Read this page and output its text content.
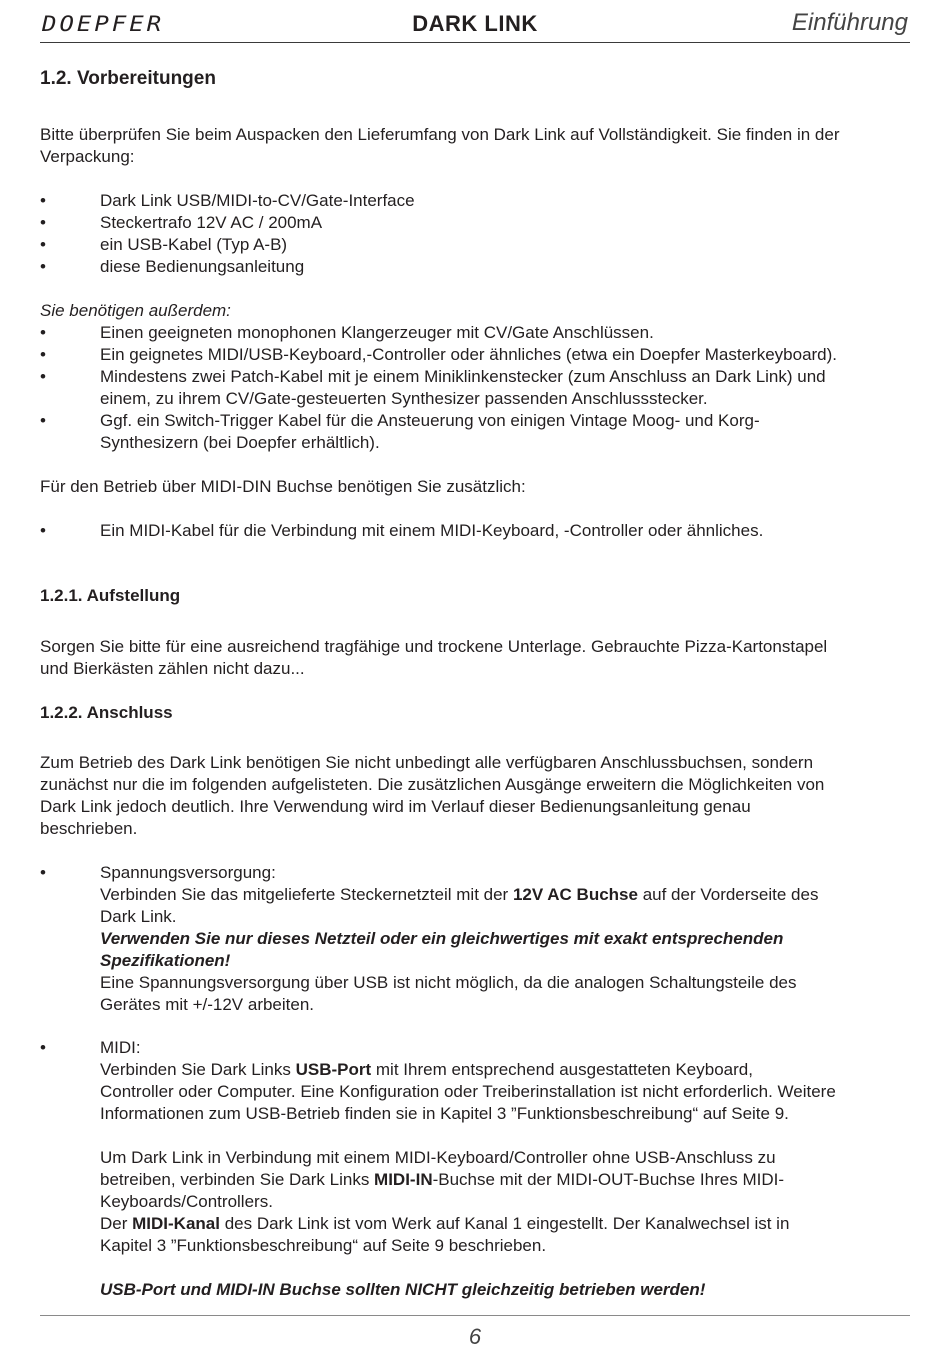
DOEPFER	DARK LINK	Einführung
1.2. Vorbereitungen
Bitte überprüfen Sie beim Auspacken den Lieferumfang von Dark Link auf Vollständigkeit. Sie finden in der
Verpackung:
•	Dark Link USB/MIDI-to-CV/Gate-Interface
•	Steckertrafo 12V AC / 200mA
•	ein USB-Kabel (Typ A-B)
•	diese Bedienungsanleitung
Sie benötigen außerdem:
•	Einen geeigneten monophonen Klangerzeuger mit CV/Gate Anschlüssen.
•	Ein geignetes MIDI/USB-Keyboard,-Controller oder ähnliches (etwa ein Doepfer Masterkeyboard).
•	Mindestens zwei Patch-Kabel mit je einem Miniklinkenstecker (zum Anschluss an Dark Link) und
einem, zu ihrem CV/Gate-gesteuerten Synthesizer passenden Anschlussstecker.
•	Ggf. ein Switch-Trigger Kabel für die Ansteuerung von einigen Vintage Moog- und Korg-
Synthesizern (bei Doepfer erhältlich).
Für den Betrieb über MIDI-DIN Buchse benötigen Sie zusätzlich:
•	Ein MIDI-Kabel für die Verbindung mit einem MIDI-Keyboard, -Controller oder ähnliches.
1.2.1. Aufstellung
Sorgen Sie bitte für eine ausreichend tragfähige und trockene Unterlage. Gebrauchte Pizza-Kartonstapel
und Bierkästen zählen nicht dazu...
1.2.2. Anschluss
Zum Betrieb des Dark Link benötigen Sie nicht unbedingt alle verfügbaren Anschlussbuchsen, sondern
zunächst nur die im folgenden aufgelisteten. Die zusätzlichen Ausgänge erweitern die Möglichkeiten von
Dark Link jedoch deutlich. Ihre Verwendung wird im Verlauf dieser Bedienungsanleitung genau
beschrieben.
•	Spannungsversorgung:
Verbinden Sie das mitgelieferte Steckernetzteil mit der 12V AC Buchse auf der Vorderseite des
Dark Link.
Verwenden Sie nur dieses Netzteil oder ein gleichwertiges mit exakt entsprechenden
Spezifikationen!
Eine Spannungsversorgung über USB ist nicht möglich, da die analogen Schaltungsteile des
Gerätes mit +/-12V arbeiten.
•	MIDI:
Verbinden Sie Dark Links USB-Port mit Ihrem entsprechend ausgestatteten Keyboard,
Controller oder Computer. Eine Konfiguration oder Treiberinstallation ist nicht erforderlich. Weitere
Informationen zum USB-Betrieb finden sie in Kapitel 3 ”Funktionsbeschreibung“ auf Seite 9.
Um Dark Link in Verbindung mit einem MIDI-Keyboard/Controller ohne USB-Anschluss zu
betreiben, verbinden Sie Dark Links MIDI-IN-Buchse mit der MIDI-OUT-Buchse Ihres MIDI-
Keyboards/Controllers.
Der MIDI-Kanal des Dark Link ist vom Werk auf Kanal 1 eingestellt. Der Kanalwechsel ist in
Kapitel 3 ”Funktionsbeschreibung“ auf Seite 9 beschrieben.
USB-Port und MIDI-IN Buchse sollten NICHT gleichzeitig betrieben werden!
6
